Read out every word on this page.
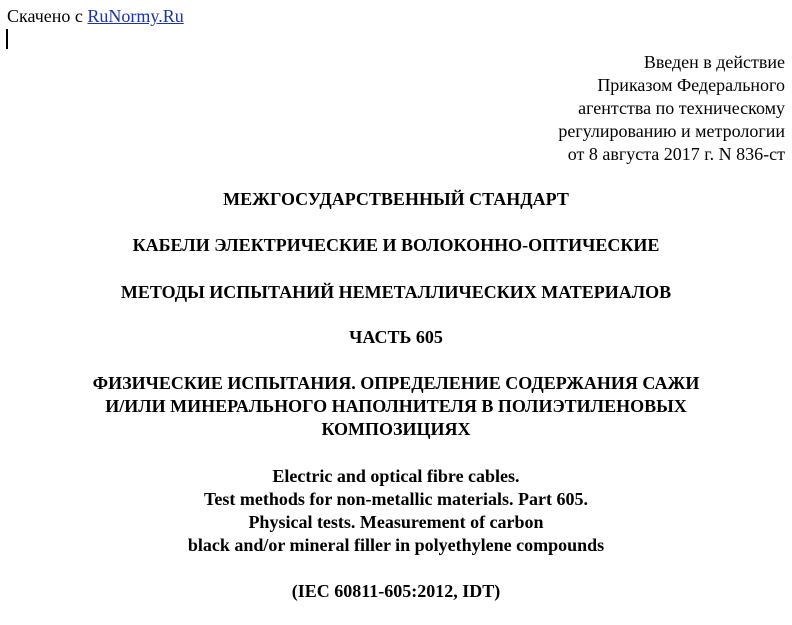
Скачено с RuNormy.Ru
Введен в действие
Приказом Федерального
агентства по техническому
регулированию и метрологии
от 8 августа 2017 г. N 836-ст
МЕЖГОСУДАРСТВЕННЫЙ СТАНДАРТ
КАБЕЛИ ЭЛЕКТРИЧЕСКИЕ И ВОЛОКОННО-ОПТИЧЕСКИЕ
МЕТОДЫ ИСПЫТАНИЙ НЕМЕТАЛЛИЧЕСКИХ МАТЕРИАЛОВ
ЧАСТЬ 605
ФИЗИЧЕСКИЕ ИСПЫТАНИЯ. ОПРЕДЕЛЕНИЕ СОДЕРЖАНИЯ САЖИ
И/ИЛИ МИНЕРАЛЬНОГО НАПОЛНИТЕЛЯ В ПОЛИЭТИЛЕНОВЫХ
КОМПОЗИЦИЯХ
Electric and optical fibre cables.
Test methods for non-metallic materials. Part 605.
Physical tests. Measurement of carbon
black and/or mineral filler in polyethylene compounds
(IEC 60811-605:2012, IDT)
